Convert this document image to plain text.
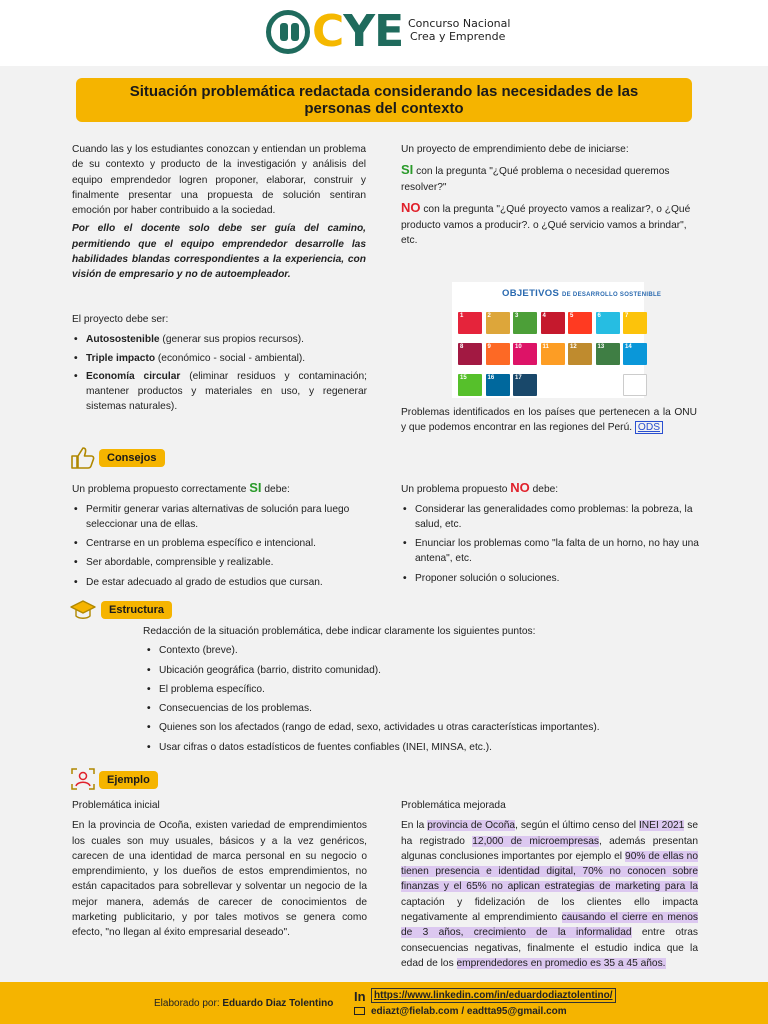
CYE Concurso Nacional
Crea y Emprende
Situación problemática redactada considerando las necesidades de las personas del contexto

Cuando las y los estudiantes conozcan y entiendan un problema de su contexto y producto de la investigación y análisis del equipo emprendedor logren proponer, elaborar, construir y finalmente presentar una propuesta de solución sentiran emoción por haber contribuido a la sociedad.

Por ello el docente solo debe ser guía del camino, permitiendo que el equipo emprendedor desarrolle las habilidades blandas correspondientes a la experiencia, con visión de empresario y no de autoempleador.

Un proyecto de emprendimiento debe de iniciarse:

SI con la pregunta "¿Qué problema o necesidad queremos resolver?"

NO con la pregunta "¿Qué proyecto vamos a realizar?, o ¿Qué producto vamos a producir?. o ¿Qué servicio vamos a brindar", etc.

El proyecto debe ser:

• Autosostenible (generar sus propios recursos).
• Triple impacto (económico - social - ambiental).
• Economía circular (eliminar residuos y contaminación; mantener productos y materiales en uso, y regenerar sistemas naturales).
OBJETIVOS DE DESARROLLO SOSTENIBLE
1	2	3	4	5	6	7
8	9	10	11	12	13	14
15	16	17
Problemas identificados en los países que pertenecen a la ONU y que podemos encontrar en las regiones del Perú. ODS
Consejos

Un problema propuesto correctamente SI debe:

• Permitir generar varias alternativas de solución para luego seleccionar una de ellas.
• Centrarse en un problema específico e intencional.
• Ser abordable, comprensible y realizable.
• De estar adecuado al grado de estudios que cursan.

Un problema propuesto NO debe:

• Considerar las generalidades como problemas: la pobreza, la salud, etc.
• Enunciar los problemas como "la falta de un horno, no hay una antena", etc.
• Proponer solución o soluciones.
Estructura

Redacción de la situación problemática, debe indicar claramente los siguientes puntos:

• Contexto (breve).
• Ubicación geográfica (barrio, distrito comunidad).
• El problema específico.
• Consecuencias de los problemas.
• Quienes son los afectados (rango de edad, sexo, actividades u otras características importantes).
• Usar cifras o datos estadísticos de fuentes confiables (INEI, MINSA, etc.).
Ejemplo

Problemática inicial

En la provincia de Ocoña, existen variedad de emprendimientos los cuales son muy usuales, básicos y a la vez genéricos, carecen de una identidad de marca personal en su negocio o emprendimiento, y los dueños de estos emprendimientos, no están capacitados para sobrellevar y solventar un negocio de la mejor manera, además de carecer de conocimientos de marketing publicitario, y por tales motivos se genera como efecto, "no llegan al éxito empresarial deseado".

Problemática mejorada

En la provincia de Ocoña, según el último censo del INEI 2021 se ha registrado 12,000 de microempresas, además presentan algunas conclusiones importantes por ejemplo el 90% de ellas no tienen presencia e identidad digital, 70% no conocen sobre finanzas y el 65% no aplican estrategias de marketing para la captación y fidelización de los clientes ello impacta negativamente al emprendimiento causando el cierre en menos de 3 años, crecimiento de la informalidad entre otras consecuencias negativas, finalmente el estudio indica que la edad de los emprendedores en promedio es 35 a 45 años.

Elaborado por: Eduardo Diaz Tolentino In https://www.linkedin.com/in/eduardodiaztolentino/
ediazt@fielab.com / eadtta95@gmail.com
